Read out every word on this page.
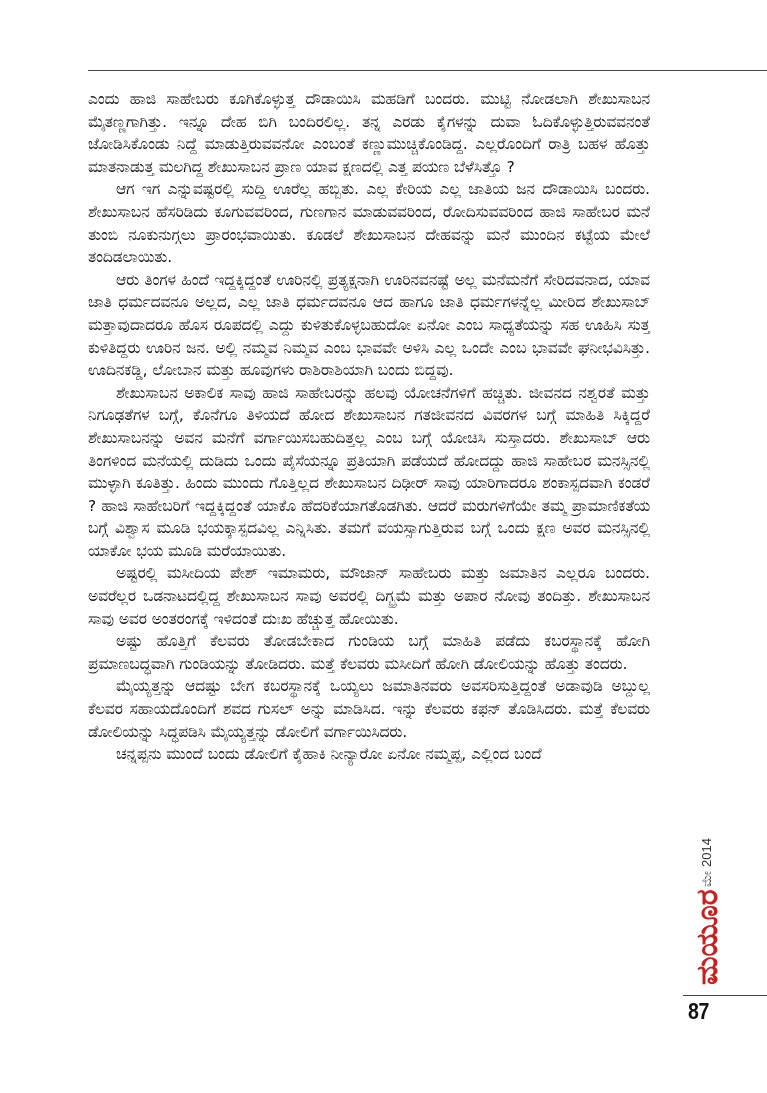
ಎಂದು ಹಾಜಿ ಸಾಹೇಬರು ಕೂಗಿಕೊಳ್ಳುತ್ತ ದೌಡಾಯಿಸಿ ಮಹಡಿಗೆ ಬಂದರು. ಮುಟ್ಟಿ ನೋಡಲಾಗಿ ಶೇಖುಸಾಬನ ಮೈತಣ್ಣಗಾಗಿತ್ತು. ಇನ್ನೂ ದೇಹ ಬಿಗಿ ಬಂದಿರಲಿಲ್ಲ. ತನ್ನ ಎರಡು ಕೈಗಳನ್ನು ದುವಾ ಓದಿಕೊಳ್ಳುತ್ತಿರುವವನಂತೆ ಜೋಡಿಸಿಕೊಂಡು ನಿದ್ದೆ ಮಾಡುತ್ತಿರುವವನೋ ಎಂಬಂತೆ ಕಣ್ಣುಮುಚ್ಚಿಕೊಂಡಿದ್ದ. ಎಲ್ಲರೊಂದಿಗೆ ರಾತ್ರಿ ಬಹಳ ಹೊತ್ತು ಮಾತನಾಡುತ್ತ ಮಲಗಿದ್ದ ಶೇಖುಸಾಬನ ಪ್ರಾಣ ಯಾವ ಕ್ಷಣದಲ್ಲಿ ಎತ್ತ ಪಯಣ ಬೆಳೆಸಿತ್ತೊ ?

ಆಗ ಇಗ ಎನ್ನುವಷ್ಟರಲ್ಲಿ ಸುದ್ದಿ ಊರೆಲ್ಲ ಹಬ್ಬಿತು. ಎಲ್ಲ ಕೇರಿಯ ಎಲ್ಲ ಜಾತಿಯ ಜನ ದೌಡಾಯಿಸಿ ಬಂದರು. ಶೇಖುಸಾಬನ ಹೆಸರಿಡಿದು ಕೂಗುವವರಿಂದ, ಗುಣಗಾನ ಮಾಡುವವರಿಂದ, ರೋದಿಸುವವರಿಂದ ಹಾಜಿ ಸಾಹೇಬರ ಮನೆ ತುಂಬಿ ನೂಕುನುಗ್ಗಲು ಪ್ರಾರಂಭವಾಯಿತು. ಕೂಡಲೆ ಶೇಖುಸಾಬನ ದೇಹವನ್ನು ಮನೆ ಮುಂದಿನ ಕಟ್ಟೆಯ ಮೇಲೆ ತಂದಿಡಲಾಯಿತು.

ಆರು ತಿಂಗಳ ಹಿಂದೆ ಇದ್ದಕ್ಕಿದ್ದಂತೆ ಊರಿನಲ್ಲಿ ಪ್ರತ್ಯಕ್ಷನಾಗಿ ಊರಿನವನಷ್ಟೆ ಅಲ್ಲ ಮನೆಮನೆಗೆ ಸೇರಿದವನಾದ, ಯಾವ ಜಾತಿ ಧರ್ಮದವನೂ ಅಲ್ಲದ, ಎಲ್ಲ ಜಾತಿ ಧರ್ಮದವನೂ ಆದ ಹಾಗೂ ಜಾತಿ ಧರ್ಮಗಳನ್ನೆಲ್ಲ ಮೀರಿದ ಶೇಖುಸಾಬ್ ಮತ್ತಾವುದಾದರೂ ಹೊಸ ರೂಪದಲ್ಲಿ ಎದ್ದು ಕುಳಿತುಕೊಳ್ಳಬಹುದೋ ಏನೋ ಎಂಬ ಸಾಧ್ಯತೆಯನ್ನು ಸಹ ಊಹಿಸಿ ಸುತ್ತ ಕುಳಿತಿದ್ದರು ಊರಿನ ಜನ. ಅಲ್ಲಿ ನಮ್ಮವ ನಿಮ್ಮವ ಎಂಬ ಭಾವವೇ ಅಳಿಸಿ ಎಲ್ಲ ಒಂದೇ ಎಂಬ ಭಾವವೇ ಘನೀಭವಿಸಿತ್ತು. ಊದಿನಕಡ್ಡಿ, ಲೋಬಾನ ಮತ್ತು ಹೂವುಗಳು ರಾಶಿರಾಶಿಯಾಗಿ ಬಂದು ಬಿದ್ದವು.

ಶೇಖುಸಾಬನ ಅಕಾಲಿಕ ಸಾವು ಹಾಜಿ ಸಾಹೇಬರನ್ನು ಹಲವು ಯೋಚನೆಗಳಿಗೆ ಹಚ್ಚಿತು. ಜೀವನದ ನಶ್ವರತೆ ಮತ್ತು ನಿಗೂಢತೆಗಳ ಬಗ್ಗೆ, ಕೊನೆಗೂ ತಿಳಿಯದೆ ಹೋದ ಶೇಖುಸಾಬನ ಗತಜೀವನದ ವಿವರಗಳ ಬಗ್ಗೆ ಮಾಹಿತಿ ಸಿಕ್ಕಿದ್ದರೆ ಶೇಖುಸಾಬನನ್ನು ಅವನ ಮನೆಗೆ ವರ್ಗಾಯಿಸಬಹುದಿತ್ತಲ್ಲ ಎಂಬ ಬಗ್ಗೆ ಯೋಚಿಸಿ ಸುಸ್ತಾದರು. ಶೇಖುಸಾಬ್ ಆರು ತಿಂಗಳಿಂದ ಮನೆಯಲ್ಲಿ ದುಡಿದು ಒಂದು ಪೈಸೆಯನ್ನೂ ಪ್ರತಿಯಾಗಿ ಪಡೆಯದೆ ಹೋದದ್ದು ಹಾಜಿ ಸಾಹೇಬರ ಮನಸ್ಸಿನಲ್ಲಿ ಮುಳ್ಳಾಗಿ ಕೂತಿತ್ತು. ಹಿಂದು ಮುಂದು ಗೊತ್ತಿಲ್ಲದ ಶೇಖುಸಾಬನ ದಿಢೀರ್ ಸಾವು ಯಾರಿಗಾದರೂ ಶಂಕಾಸ್ಪದವಾಗಿ ಕಂಡರೆ ? ಹಾಜಿ ಸಾಹೇಬರಿಗೆ ಇದ್ದಕ್ಕಿದ್ದಂತೆ ಯಾಕೊ ಹೆದರಿಕೆಯಾಗತೊಡಗಿತು. ಆದರೆ ಮರುಗಳಿಗೆಯೇ ತಮ್ಮ ಪ್ರಾಮಾಣಿಕತೆಯ ಬಗ್ಗೆ ವಿಶ್ವಾಸ ಮೂಡಿ ಭಯಕ್ಕಾಸ್ಪದವಿಲ್ಲ ಎನ್ನಿಸಿತು. ತಮಗೆ ವಯಸ್ಸಾಗುತ್ತಿರುವ ಬಗ್ಗೆ ಒಂದು ಕ್ಷಣ ಅವರ ಮನಸ್ಸಿನಲ್ಲಿ ಯಾಕೋ ಭಯ ಮೂಡಿ ಮರೆಯಾಯಿತು.

ಅಷ್ಟರಲ್ಲಿ ಮಸೀದಿಯ ಪೇಶ್ ಇಮಾಮರು, ಮೌಜಾನ್ ಸಾಹೇಬರು ಮತ್ತು ಜಮಾತಿನ ಎಲ್ಲರೂ ಬಂದರು. ಅವರೆಲ್ಲರ ಒಡನಾಟದಲ್ಲಿದ್ದ ಶೇಖುಸಾಬನ ಸಾವು ಅವರಲ್ಲಿ ದಿಗ್ಭ್ರಮೆ ಮತ್ತು ಅಪಾರ ನೋವು ತಂದಿತ್ತು. ಶೇಖುಸಾಬನ ಸಾವು ಅವರ ಅಂತರಂಗಕ್ಕೆ ಇಳಿದಂತೆ ದುಃಖ ಹೆಚ್ಚುತ್ತ ಹೋಯಿತು.

ಅಷ್ಟು ಹೊತ್ತಿಗೆ ಕೆಲವರು ತೋಡಬೇಕಾದ ಗುಂಡಿಯ ಬಗ್ಗೆ ಮಾಹಿತಿ ಪಡೆದು ಕಬರಸ್ಥಾನಕ್ಕೆ ಹೋಗಿ ಪ್ರಮಾಣಬದ್ಧವಾಗಿ ಗುಂಡಿಯನ್ನು ತೋಡಿದರು. ಮತ್ತೆ ಕೆಲವರು ಮಸೀದಿಗೆ ಹೋಗಿ ಡೋಲಿಯನ್ನು ಹೊತ್ತು ತಂದರು.

ಮೈಯ್ಯತ್ತನ್ನು ಆದಷ್ಟು ಬೇಗ ಕಬರಸ್ಥಾನಕ್ಕೆ ಒಯ್ಯಲು ಜಮಾತಿನವರು ಅವಸರಿಸುತ್ತಿದ್ದಂತೆ ಅಡಾವುಡಿ ಅಬ್ದುಲ್ಲ ಕೆಲವರ ಸಹಾಯದೊಂದಿಗೆ ಶವದ ಗುಸಲ್ ಅನ್ನು ಮಾಡಿಸಿದ. ಇನ್ನು ಕೆಲವರು ಕಫನ್ ತೊಡಿಸಿದರು. ಮತ್ತೆ ಕೆಲವರು ಡೋಲಿಯನ್ನು ಸಿದ್ಧಪಡಿಸಿ ಮೈಯ್ಯತ್ತನ್ನು ಡೋಲಿಗೆ ವರ್ಗಾಯಿಸಿದರು.

ಚನ್ನಪ್ಪನು ಮುಂದೆ ಬಂದು ಡೋಲಿಗೆ ಕೈಹಾಕಿ ನೀನ್ಯಾರೋ ಏನೋ ನಮ್ಮಪ್ಪ, ಎಲ್ಲಿಂದ ಬಂದೆ

ಮಯೂರ
ಮೇ
2014
87
